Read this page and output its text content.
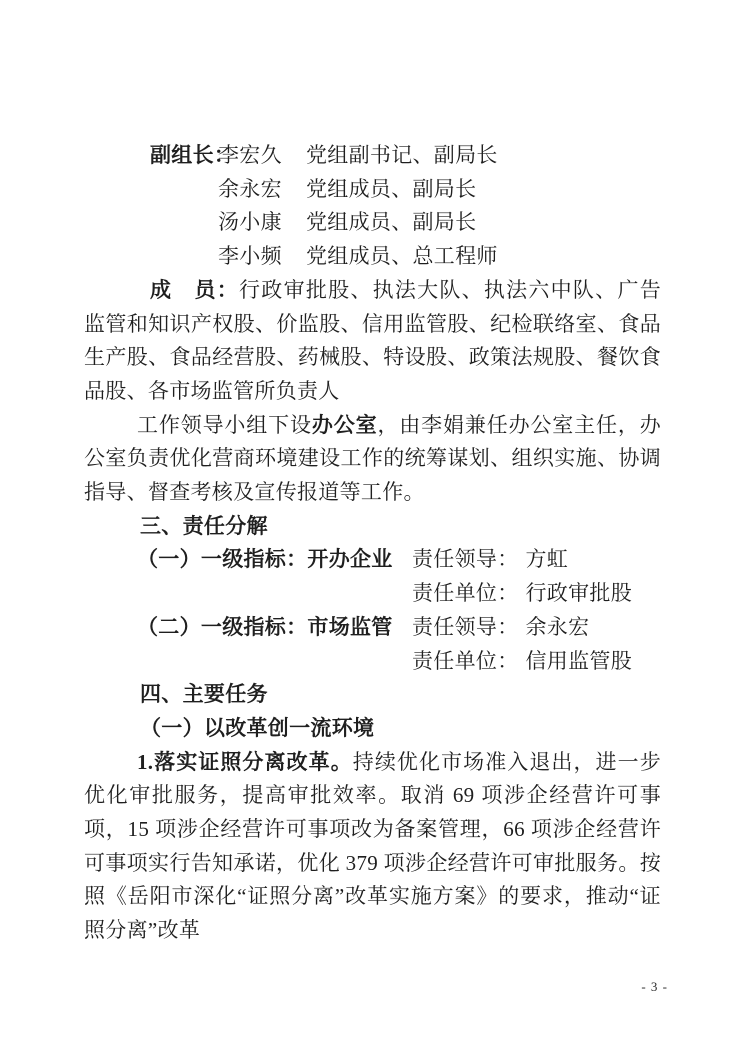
副组长：
李宏久	党组副书记、副局长
余永宏	党组成员、副局长
汤小康	党组成员、副局长
李小频	党组成员、总工程师

成　员：行政审批股、执法大队、执法六中队、广告监管和知识产权股、价监股、信用监管股、纪检联络室、食品生产股、食品经营股、药械股、特设股、政策法规股、餐饮食品股、各市场监管所负责人

工作领导小组下设办公室，由李娟兼任办公室主任，办公室负责优化营商环境建设工作的统筹谋划、组织实施、协调指导、督查考核及宣传报道等工作。

三、责任分解
（一）一级指标：开办企业 责任领导： 方虹
责任单位： 行政审批股
（二）一级指标：市场监管 责任领导： 余永宏
责任单位： 信用监管股
四、主要任务
（一）以改革创一流环境

1.落实证照分离改革。持续优化市场准入退出，进一步优化审批服务，提高审批效率。取消 69 项涉企经营许可事项，15 项涉企经营许可事项改为备案管理，66 项涉企经营许可事项实行告知承诺，优化 379 项涉企经营许可审批服务。按照《岳阳市深化“证照分离”改革实施方案》的要求，推动“证照分离”改革

- 3 -
